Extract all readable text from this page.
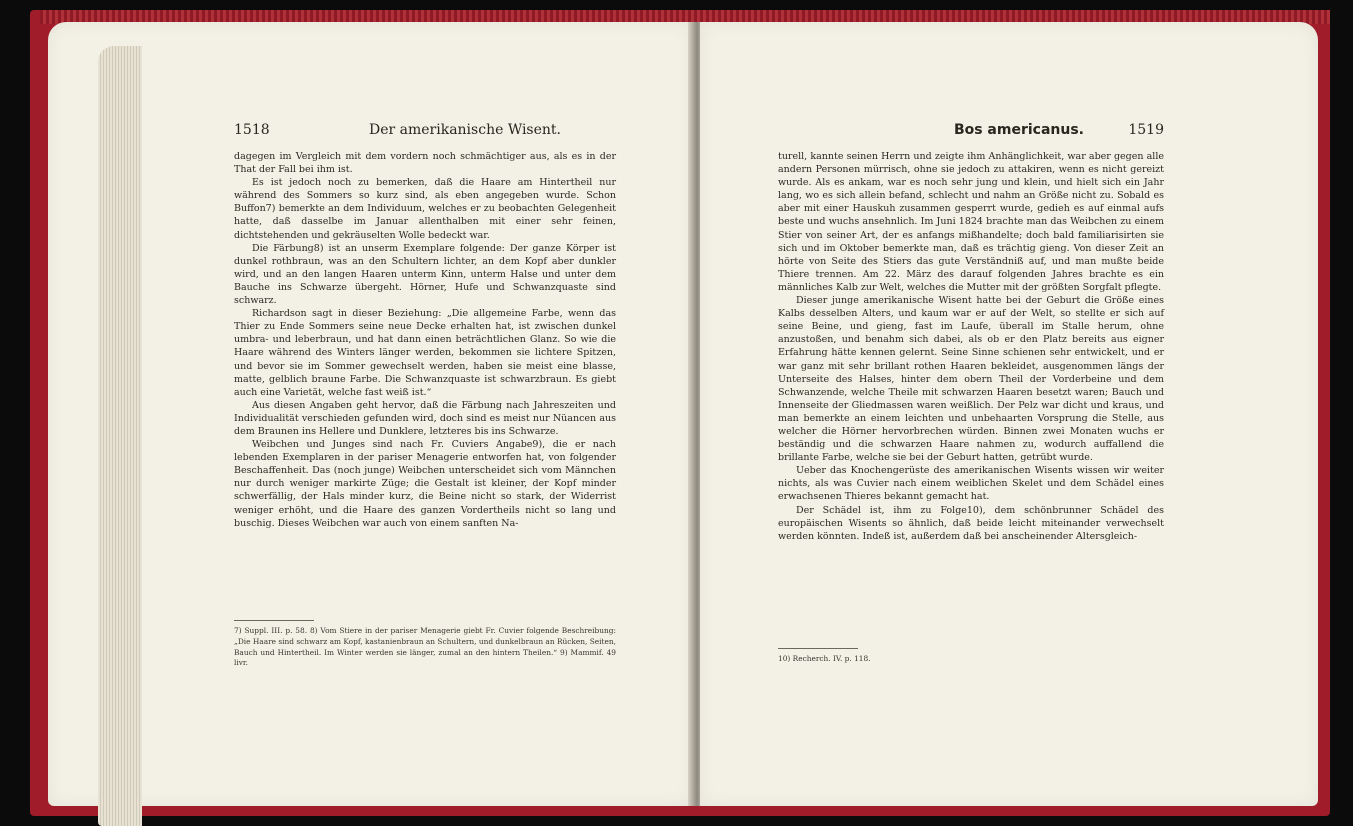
1518	Der amerikanische Wisent.

dagegen im Vergleich mit dem vordern noch schmächtiger aus, als es in der That der Fall bei ihm ist.

Es ist jedoch noch zu bemerken, daß die Haare am Hintertheil nur während des Sommers so kurz sind, als eben angegeben wurde. Schon Buffon7) bemerkte an dem Individuum, welches er zu beobachten Gelegenheit hatte, daß dasselbe im Januar allenthalben mit einer sehr feinen, dichtstehenden und gekräuselten Wolle bedeckt war.

Die Färbung8) ist an unserm Exemplare folgende: Der ganze Körper ist dunkel rothbraun, was an den Schultern lichter, an dem Kopf aber dunkler wird, und an den langen Haaren unterm Kinn, unterm Halse und unter dem Bauche ins Schwarze übergeht. Hörner, Hufe und Schwanzquaste sind schwarz.

Richardson sagt in dieser Beziehung: „Die allgemeine Farbe, wenn das Thier zu Ende Sommers seine neue Decke erhalten hat, ist zwischen dunkel umbra- und leberbraun, und hat dann einen beträchtlichen Glanz. So wie die Haare während des Winters länger werden, bekommen sie lichtere Spitzen, und bevor sie im Sommer gewechselt werden, haben sie meist eine blasse, matte, gelblich braune Farbe. Die Schwanzquaste ist schwarzbraun. Es giebt auch eine Varietät, welche fast weiß ist.“

Aus diesen Angaben geht hervor, daß die Färbung nach Jahreszeiten und Individualität verschieden gefunden wird, doch sind es meist nur Nüancen aus dem Braunen ins Hellere und Dunklere, letzteres bis ins Schwarze.

Weibchen und Junges sind nach Fr. Cuviers Angabe9), die er nach lebenden Exemplaren in der pariser Menagerie entworfen hat, von folgender Beschaffenheit. Das (noch junge) Weibchen unterscheidet sich vom Männchen nur durch weniger markirte Züge; die Gestalt ist kleiner, der Kopf minder schwerfällig, der Hals minder kurz, die Beine nicht so stark, der Widerrist weniger erhöht, und die Haare des ganzen Vordertheils nicht so lang und buschig. Dieses Weibchen war auch von einem sanften Na-

7) Suppl. III. p. 58. 8) Vom Stiere in der pariser Menagerie giebt Fr. Cuvier folgende Beschreibung: „Die Haare sind schwarz am Kopf, kastanienbraun an Schultern, und dunkelbraun an Rücken, Seiten, Bauch und Hintertheil. Im Winter werden sie länger, zumal an den hintern Theilen.“ 9) Mammif. 49 livr.
Bos americanus.	1519

turell, kannte seinen Herrn und zeigte ihm Anhänglichkeit, war aber gegen alle andern Personen mürrisch, ohne sie jedoch zu attakiren, wenn es nicht gereizt wurde. Als es ankam, war es noch sehr jung und klein, und hielt sich ein Jahr lang, wo es sich allein befand, schlecht und nahm an Größe nicht zu. Sobald es aber mit einer Hauskuh zusammen gesperrt wurde, gedieh es auf einmal aufs beste und wuchs ansehnlich. Im Juni 1824 brachte man das Weibchen zu einem Stier von seiner Art, der es anfangs mißhandelte; doch bald familiarisirten sie sich und im Oktober bemerkte man, daß es trächtig gieng. Von dieser Zeit an hörte von Seite des Stiers das gute Verständniß auf, und man mußte beide Thiere trennen. Am 22. März des darauf folgenden Jahres brachte es ein männliches Kalb zur Welt, welches die Mutter mit der größten Sorgfalt pflegte.

Dieser junge amerikanische Wisent hatte bei der Geburt die Größe eines Kalbs desselben Alters, und kaum war er auf der Welt, so stellte er sich auf seine Beine, und gieng, fast im Laufe, überall im Stalle herum, ohne anzustoßen, und benahm sich dabei, als ob er den Platz bereits aus eigner Erfahrung hätte kennen gelernt. Seine Sinne schienen sehr entwickelt, und er war ganz mit sehr brillant rothen Haaren bekleidet, ausgenommen längs der Unterseite des Halses, hinter dem obern Theil der Vorderbeine und dem Schwanzende, welche Theile mit schwarzen Haaren besetzt waren; Bauch und Innenseite der Gliedmassen waren weißlich. Der Pelz war dicht und kraus, und man bemerkte an einem leichten und unbehaarten Vorsprung die Stelle, aus welcher die Hörner hervorbrechen würden. Binnen zwei Monaten wuchs er beständig und die schwarzen Haare nahmen zu, wodurch auffallend die brillante Farbe, welche sie bei der Geburt hatten, getrübt wurde.

Ueber das Knochengerüste des amerikanischen Wisents wissen wir weiter nichts, als was Cuvier nach einem weiblichen Skelet und dem Schädel eines erwachsenen Thieres bekannt gemacht hat.

Der Schädel ist, ihm zu Folge10), dem schönbrunner Schädel des europäischen Wisents so ähnlich, daß beide leicht miteinander verwechselt werden könnten. Indeß ist, außerdem daß bei anscheinender Altersgleich-

10) Recherch. IV. p. 118.
